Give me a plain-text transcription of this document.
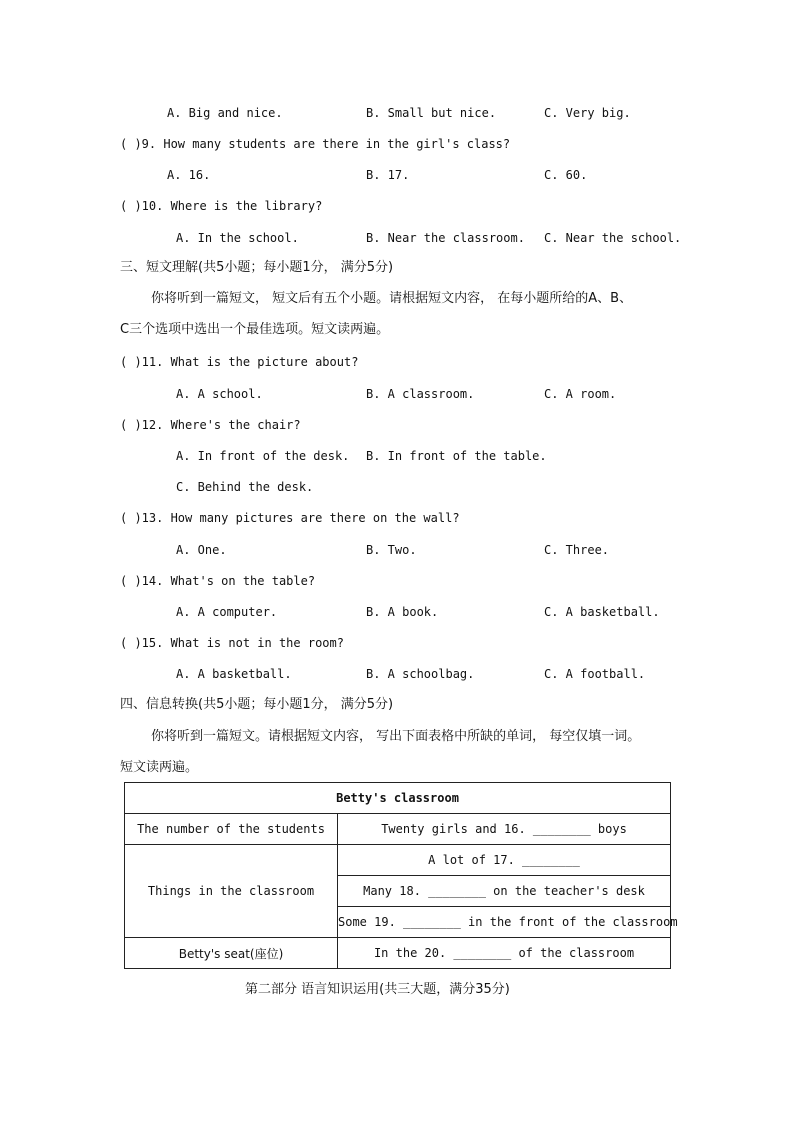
A. Big and nice.	B. Small but nice.	C. Very big.
( )9. How many students are there in the girl's class?
A. 16.	B. 17.	C. 60.
( )10. Where is the library?
A. In the school.	B. Near the classroom. C. Near the school.
三、短文理解(共5小题；每小题1分， 满分5分)
你将听到一篇短文， 短文后有五个小题。请根据短文内容， 在每小题所给的A、B、
C三个选项中选出一个最佳选项。短文读两遍。
( )11. What is the picture about?
A. A school.	B. A classroom.	C. A room.
( )12. Where's the chair?
A. In front of the desk. B. In front of the table.
C. Behind the desk.
( )13. How many pictures are there on the wall?
A. One.	B. Two.	C. Three.
( )14. What's on the table?
A. A computer.	B. A book.	C. A basketball.
( )15. What is not in the room?
A. A basketball.	B. A schoolbag.	C. A football.
四、信息转换(共5小题；每小题1分， 满分5分)
你将听到一篇短文。请根据短文内容， 写出下面表格中所缺的单词， 每空仅填一词。
短文读两遍。
Betty's classroom	
The number of the students	Twenty girls and 16. ________ boys
Things in the classroom	A lot of 17. ________
	Many 18. ________ on the teacher's desk
	Some 19. ________ in the front of the classroom
Betty's seat(座位)	In the 20. ________ of the classroom
第二部分 语言知识运用(共三大题，满分35分)
